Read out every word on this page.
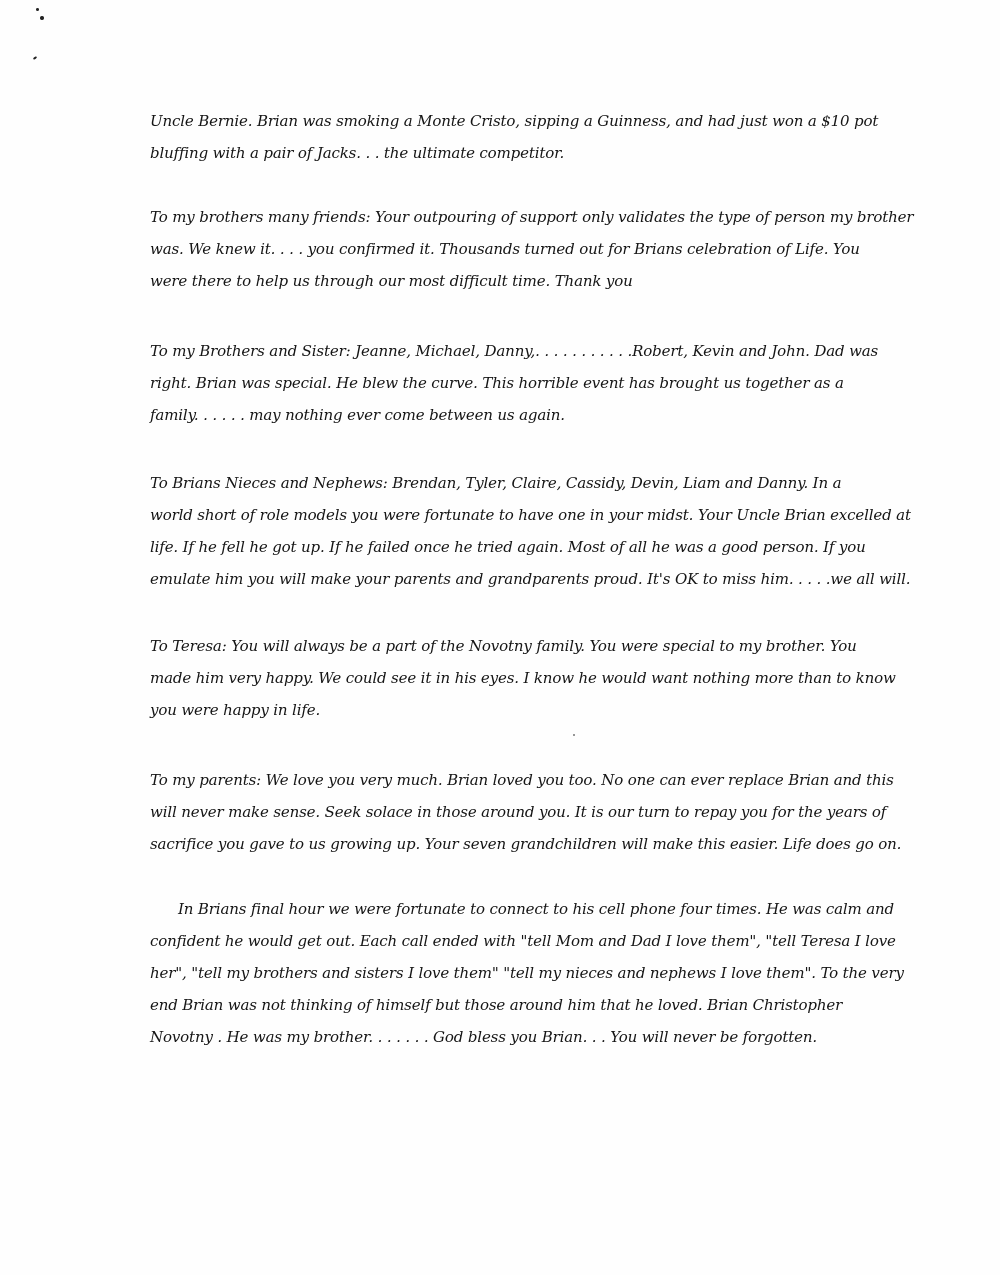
Uncle Bernie. Brian was smoking a Monte Cristo, sipping a Guinness, and had just won a $10 pot
bluffing with a pair of Jacks. . . the ultimate competitor.

To my brothers many friends: Your outpouring of support only validates the type of person my brother
was. We knew it. . . . you confirmed it. Thousands turned out for Brians celebration of Life. You
were there to help us through our most difficult time. Thank you

To my Brothers and Sister: Jeanne, Michael, Danny,. . . . . . . . . . .Robert, Kevin and John. Dad was
right. Brian was special. He blew the curve. This horrible event has brought us together as a
family. . . . . . may nothing ever come between us again.

To Brians Nieces and Nephews: Brendan, Tyler, Claire, Cassidy, Devin, Liam and Danny. In a
world short of role models you were fortunate to have one in your midst. Your Uncle Brian excelled at
life. If he fell he got up. If he failed once he tried again. Most of all he was a good person. If you
emulate him you will make your parents and grandparents proud. It's OK to miss him. . . . .we all will.

To Teresa: You will always be a part of the Novotny family. You were special to my brother. You
made him very happy. We could see it in his eyes. I know he would want nothing more than to know
you were happy in life.

To my parents: We love you very much. Brian loved you too. No one can ever replace Brian and this
will never make sense. Seek solace in those around you. It is our turn to repay you for the years of
sacrifice you gave to us growing up. Your seven grandchildren will make this easier. Life does go on.

In Brians final hour we were fortunate to connect to his cell phone four times. He was calm and
confident he would get out. Each call ended with "tell Mom and Dad I love them", "tell Teresa I love
her", "tell my brothers and sisters I love them" "tell my nieces and nephews I love them". To the very
end Brian was not thinking of himself but those around him that he loved. Brian Christopher
Novotny . He was my brother. . . . . . . God bless you Brian. . . You will never be forgotten.
